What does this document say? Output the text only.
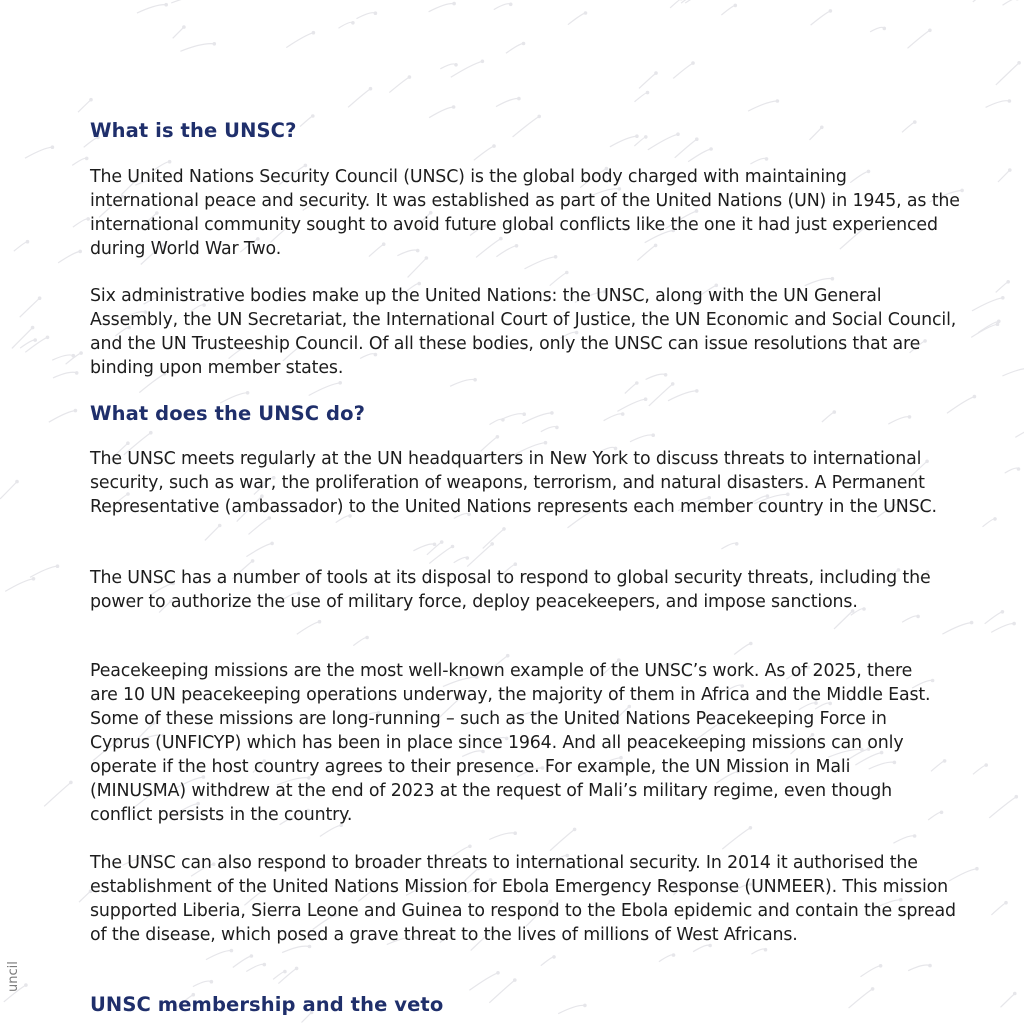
uncil
What is the UNSC?

The United Nations Security Council (UNSC) is the global body charged with maintaining international peace and security. It was established as part of the United Nations (UN) in 1945, as the international community sought to avoid future global conflicts like the one it had just experienced during World War Two.

Six administrative bodies make up the United Nations: the UNSC, along with the UN General Assembly, the UN Secretariat, the International Court of Justice, the UN Economic and Social Council, and the UN Trusteeship Council. Of all these bodies, only the UNSC can issue resolutions that are binding upon member states.

What does the UNSC do?

The UNSC meets regularly at the UN headquarters in New York to discuss threats to international security, such as war, the proliferation of weapons, terrorism, and natural disasters. A Permanent Representative (ambassador) to the United Nations represents each member country in the UNSC.

The UNSC has a number of tools at its disposal to respond to global security threats, including the power to authorize the use of military force, deploy peacekeepers, and impose sanctions.

Peacekeeping missions are the most well-known example of the UNSC’s work. As of 2025, there are 10 UN peacekeeping operations underway, the majority of them in Africa and the Middle East. Some of these missions are long-running – such as the United Nations Peacekeeping Force in Cyprus (UNFICYP) which has been in place since 1964. And all peacekeeping missions can only operate if the host country agrees to their presence. For example, the UN Mission in Mali (MINUSMA) withdrew at the end of 2023 at the request of Mali’s military regime, even though conflict persists in the country.

The UNSC can also respond to broader threats to international security. In 2014 it authorised the establishment of the United Nations Mission for Ebola Emergency Response (UNMEER). This mission supported Liberia, Sierra Leone and Guinea to respond to the Ebola epidemic and contain the spread of the disease, which posed a grave threat to the lives of millions of West Africans.

UNSC membership and the veto
